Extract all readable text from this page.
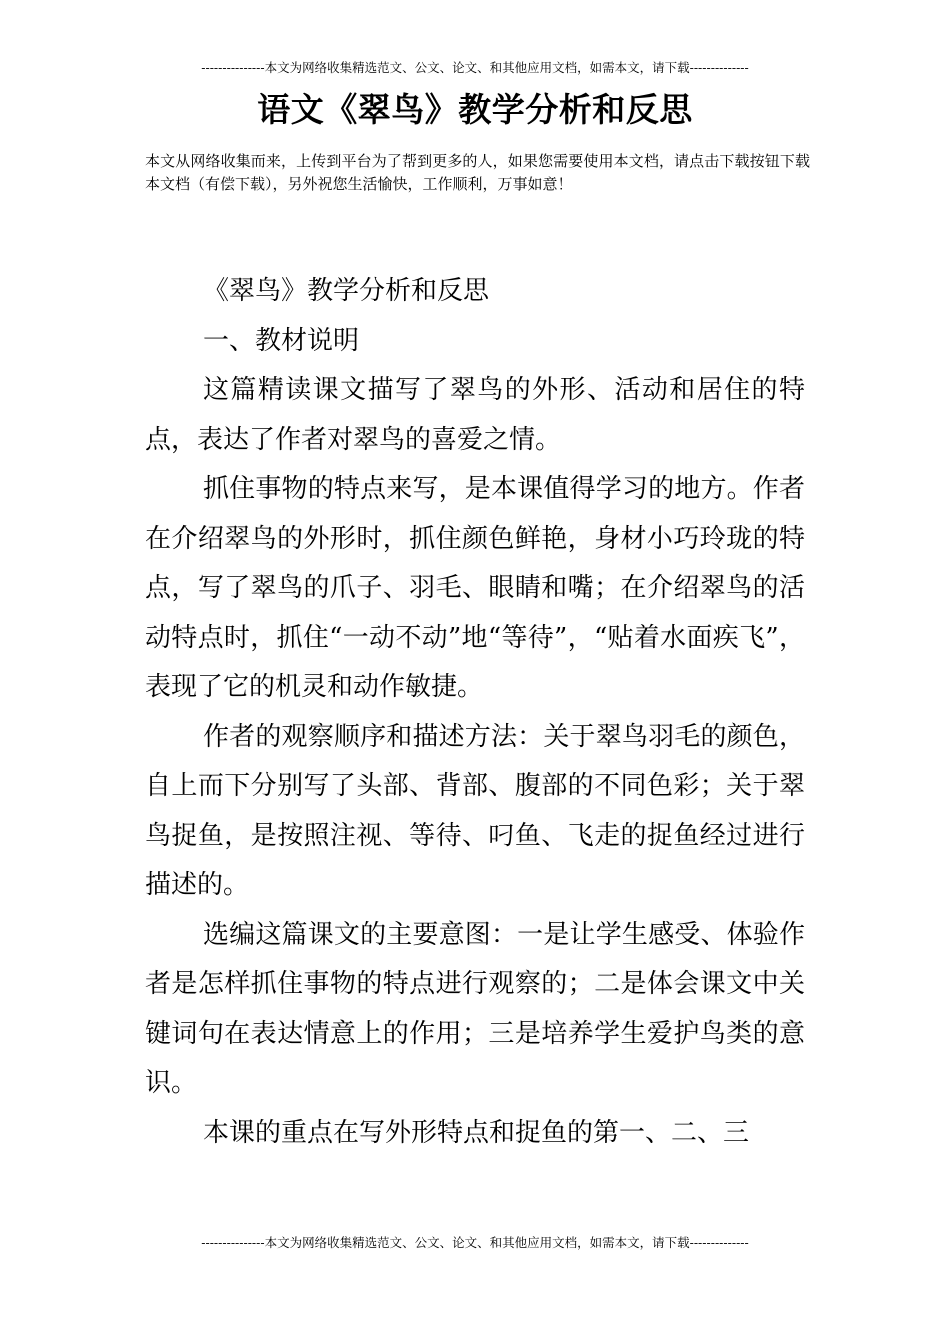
---------------本文为网络收集精选范文、公文、论文、和其他应用文档，如需本文，请下载--------------
语文《翠鸟》教学分析和反思

本文从网络收集而来，上传到平台为了帮到更多的人，如果您需要使用本文档，请点击下载按钮下载本文档（有偿下载），另外祝您生活愉快，工作顺利，万事如意！

《翠鸟》教学分析和反思

一、教材说明

这篇精读课文描写了翠鸟的外形、活动和居住的特点，表达了作者对翠鸟的喜爱之情。

抓住事物的特点来写，是本课值得学习的地方。作者在介绍翠鸟的外形时，抓住颜色鲜艳，身材小巧玲珑的特点，写了翠鸟的爪子、羽毛、眼睛和嘴；在介绍翠鸟的活动特点时，抓住“一动不动”地“等待”，“贴着水面疾飞”，表现了它的机灵和动作敏捷。

作者的观察顺序和描述方法：关于翠鸟羽毛的颜色，自上而下分别写了头部、背部、腹部的不同色彩；关于翠鸟捉鱼，是按照注视、等待、叼鱼、飞走的捉鱼经过进行描述的。

选编这篇课文的主要意图：一是让学生感受、体验作者是怎样抓住事物的特点进行观察的；二是体会课文中关键词句在表达情意上的作用；三是培养学生爱护鸟类的意识。

本课的重点在写外形特点和捉鱼的第一、二、三

---------------本文为网络收集精选范文、公文、论文、和其他应用文档，如需本文，请下载--------------
